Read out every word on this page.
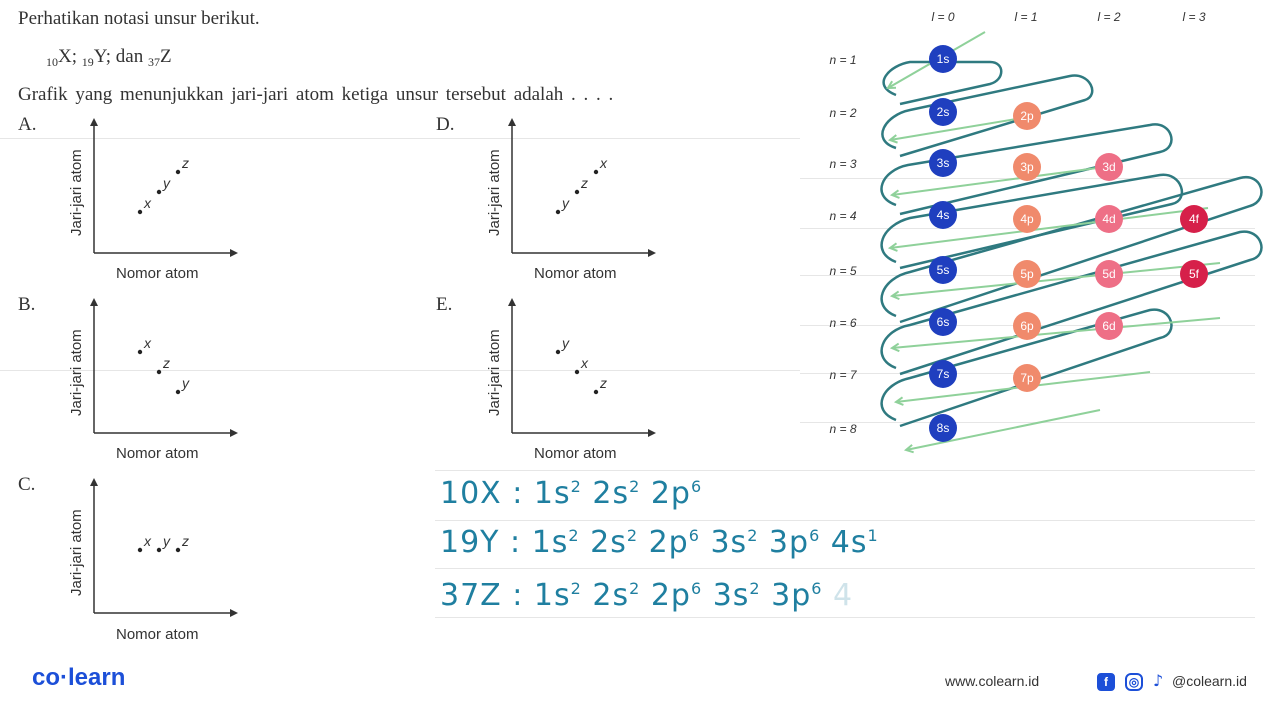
Perhatikan notasi unsur berikut.
$_{10}$X; $_{19}$Y; dan $_{37}$Z
Grafik yang menunjukkan jari-jari atom ketiga unsur tersebut adalah . . . .
A.
Jari-jari atom
Nomor atom
x
y
z
B.
Jari-jari atom
Nomor atom
x
z
y
C.
Jari-jari atom
Nomor atom
x y z
D.
Jari-jari atom
Nomor atom
y
z
x
E.
Jari-jari atom
Nomor atom
y
x
z
l = 0	l = 1	l = 2	l = 3
n = 1
n = 2
n = 3
n = 4
n = 5
n = 6
n = 7
n = 8
1s
2s	2p
3s	3p	3d
4s	4p	4d	4f
5s	5p	5d	5f
6s	6p	6d
7s	7p
8s
10X : $1s^2$ $2s^2$ $2p^6$
19Y : $1s^2$ $2s^2$ $2p^6$ $3s^2$ $3p^6$ $4s^1$
37Z : $1s^2$ $2s^2$ $2p^6$ $3s^2$ $3p^6$ 4
co·learn	www.colearn.id	f ◎ ♪ @colearn.id
